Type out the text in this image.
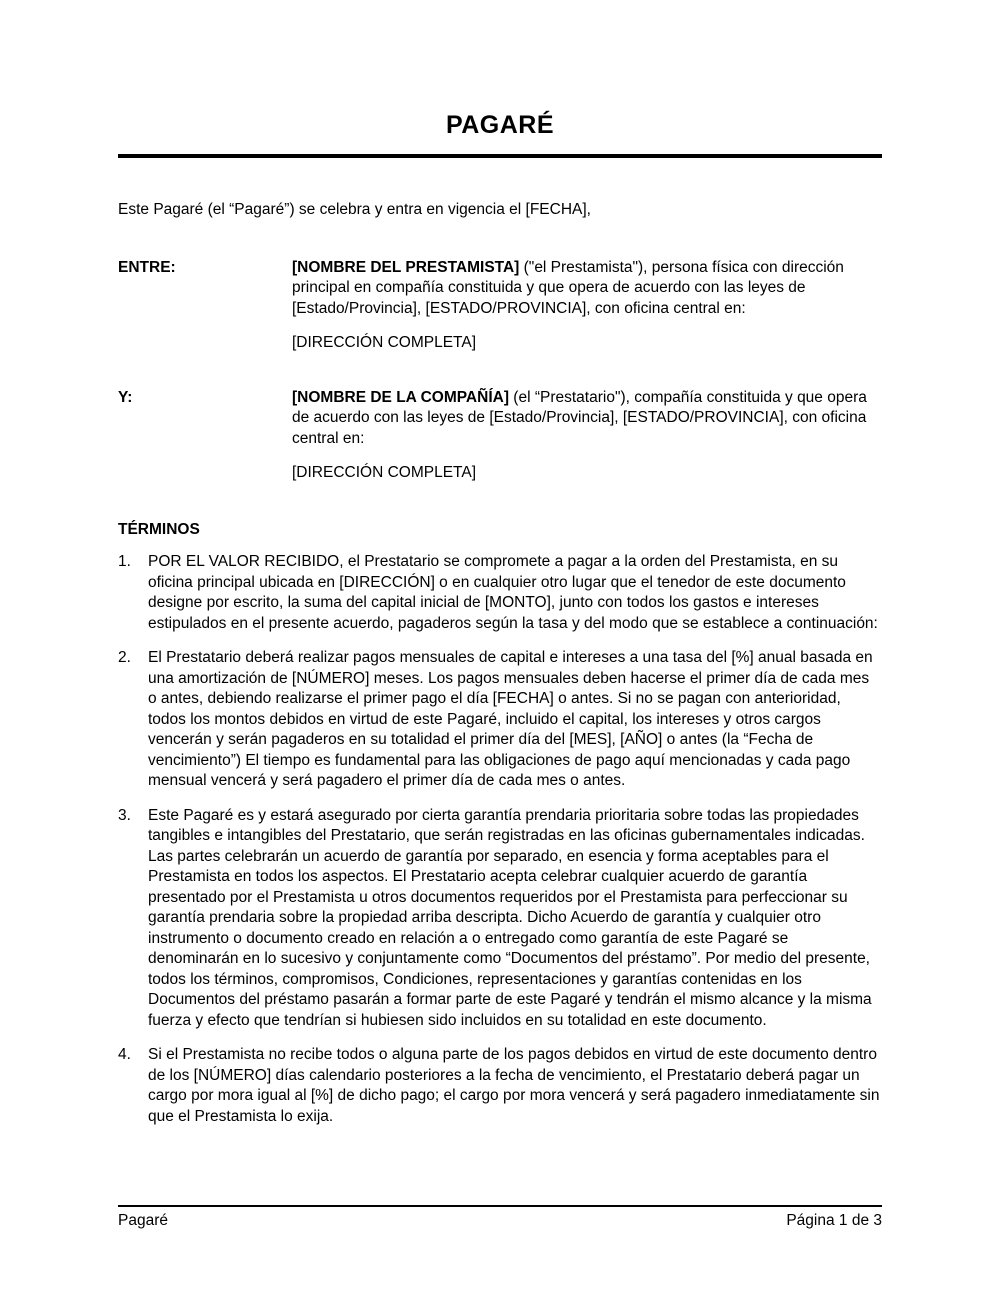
PAGARÉ

Este Pagaré (el “Pagaré”) se celebra y entra en vigencia el [FECHA],

ENTRE:	[NOMBRE DEL PRESTAMISTA] ("el Prestamista"), persona física con dirección principal en compañía constituida y que opera de acuerdo con las leyes de [Estado/Provincia], [ESTADO/PROVINCIA], con oficina central en:

[DIRECCIÓN COMPLETA]

Y:	[NOMBRE DE LA COMPAÑÍA] (el “Prestatario"), compañía constituida y que opera de acuerdo con las leyes de [Estado/Provincia], [ESTADO/PROVINCIA], con oficina central en:

[DIRECCIÓN COMPLETA]

TÉRMINOS
1.	POR EL VALOR RECIBIDO, el Prestatario se compromete a pagar a la orden del Prestamista, en su oficina principal ubicada en [DIRECCIÓN] o en cualquier otro lugar que el tenedor de este documento designe por escrito, la suma del capital inicial de [MONTO], junto con todos los gastos e intereses estipulados en el presente acuerdo, pagaderos según la tasa y del modo que se establece a continuación:
2.	El Prestatario deberá realizar pagos mensuales de capital e intereses a una tasa del [%] anual basada en una amortización de [NÚMERO] meses. Los pagos mensuales deben hacerse el primer día de cada mes o antes, debiendo realizarse el primer pago el día [FECHA] o antes. Si no se pagan con anterioridad, todos los montos debidos en virtud de este Pagaré, incluido el capital, los intereses y otros cargos vencerán y serán pagaderos en su totalidad el primer día del [MES], [AÑO] o antes (la “Fecha de vencimiento”) El tiempo es fundamental para las obligaciones de pago aquí mencionadas y cada pago mensual vencerá y será pagadero el primer día de cada mes o antes.
3.	Este Pagaré es y estará asegurado por cierta garantía prendaria prioritaria sobre todas las propiedades tangibles e intangibles del Prestatario, que serán registradas en las oficinas gubernamentales indicadas. Las partes celebrarán un acuerdo de garantía por separado, en esencia y forma aceptables para el Prestamista en todos los aspectos. El Prestatario acepta celebrar cualquier acuerdo de garantía presentado por el Prestamista u otros documentos requeridos por el Prestamista para perfeccionar su garantía prendaria sobre la propiedad arriba descripta. Dicho Acuerdo de garantía y cualquier otro instrumento o documento creado en relación a o entregado como garantía de este Pagaré se denominarán en lo sucesivo y conjuntamente como “Documentos del préstamo”. Por medio del presente, todos los términos, compromisos, Condiciones, representaciones y garantías contenidas en los Documentos del préstamo pasarán a formar parte de este Pagaré y tendrán el mismo alcance y la misma fuerza y efecto que tendrían si hubiesen sido incluidos en su totalidad en este documento.
4.	Si el Prestamista no recibe todos o alguna parte de los pagos debidos en virtud de este documento dentro de los [NÚMERO] días calendario posteriores a la fecha de vencimiento, el Prestatario deberá pagar un cargo por mora igual al [%] de dicho pago; el cargo por mora vencerá y será pagadero inmediatamente sin que el Prestamista lo exija.
Pagaré	Página 1 de 3
